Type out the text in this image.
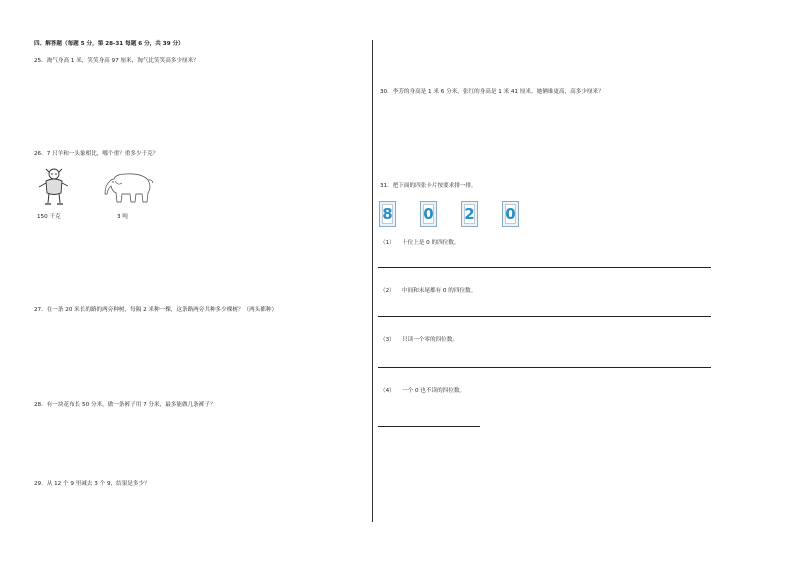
四、解答题（每题 5 分，第 28-31 每题 6 分，共 39 分）
25．淘气身高 1 米，笑笑身高 97 厘米，淘气比笑笑高多少厘米？
26．7 只羊和一头象相比，哪个重？重多少千克？
150 千克	3 吨
27．在一条 20 米长的路的两旁种树，每隔 2 米种一棵，这条路两旁共种多少棵树？（两头都种）
28．有一块花布长 50 分米，做一条裤子用 7 分米，最多能做几条裤子？
29．从 12 个 9 里减去 3 个 9，结果是多少？
30．李芳的身高是 1 米 6 分米，张红的身高是 1 米 41 厘米。她俩谁更高，高多少厘米？
31．把下面的四张卡片按要求排一排。
8 0 2 0
（1） 十位上是 0 的四位数。
（2） 中间和末尾都有 0 的四位数。
（3） 只读一个零的四位数。
（4） 一个 0 也不读的四位数。
